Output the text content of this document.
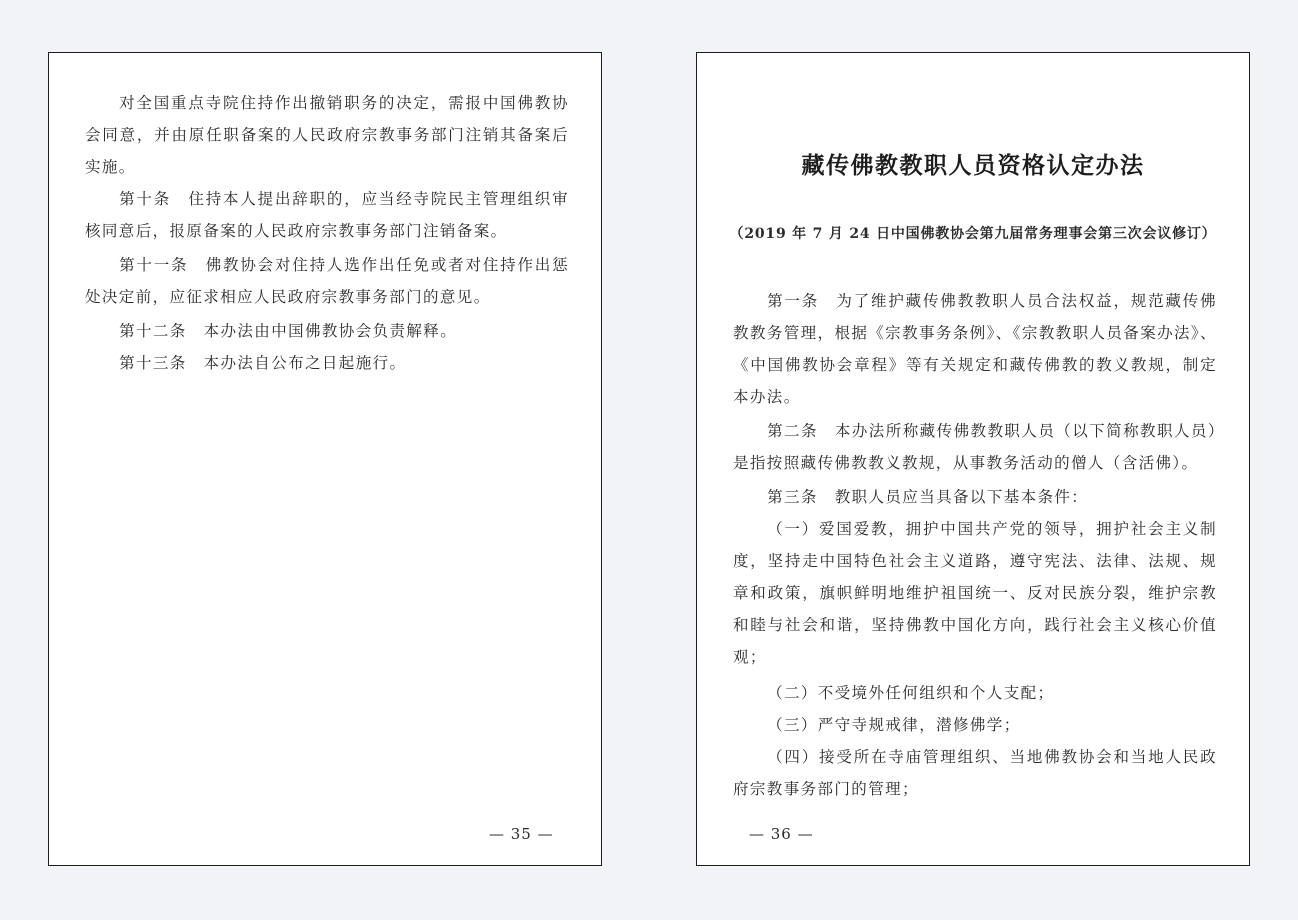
对全国重点寺院住持作出撤销职务的决定，需报中国佛教协会同意，并由原任职备案的人民政府宗教事务部门注销其备案后实施。

第十条　住持本人提出辞职的，应当经寺院民主管理组织审核同意后，报原备案的人民政府宗教事务部门注销备案。

第十一条　佛教协会对住持人选作出任免或者对住持作出惩处决定前，应征求相应人民政府宗教事务部门的意见。

第十二条　本办法由中国佛教协会负责解释。

第十三条　本办法自公布之日起施行。

— 35 —
藏传佛教教职人员资格认定办法
（2019 年 7 月 24 日中国佛教协会第九届常务理事会第三次会议修订）

第一条　为了维护藏传佛教教职人员合法权益，规范藏传佛教教务管理，根据《宗教事务条例》、《宗教教职人员备案办法》、《中国佛教协会章程》等有关规定和藏传佛教的教义教规，制定本办法。

第二条　本办法所称藏传佛教教职人员（以下简称教职人员）是指按照藏传佛教教义教规，从事教务活动的僧人（含活佛）。

第三条　教职人员应当具备以下基本条件：

（一）爱国爱教，拥护中国共产党的领导，拥护社会主义制度，坚持走中国特色社会主义道路，遵守宪法、法律、法规、规章和政策，旗帜鲜明地维护祖国统一、反对民族分裂，维护宗教和睦与社会和谐，坚持佛教中国化方向，践行社会主义核心价值观；

（二）不受境外任何组织和个人支配；

（三）严守寺规戒律，潜修佛学；

（四）接受所在寺庙管理组织、当地佛教协会和当地人民政府宗教事务部门的管理；

— 36 —
